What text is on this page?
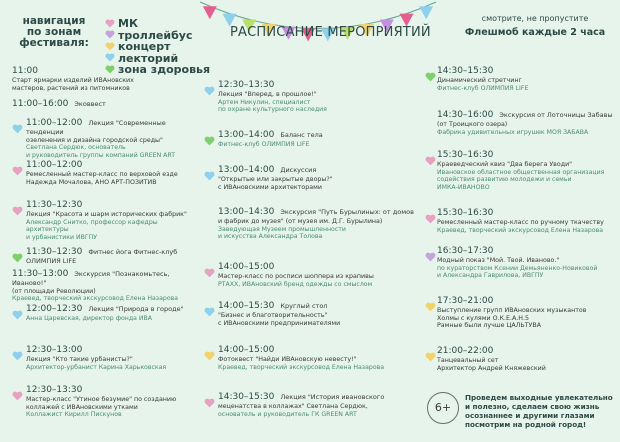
навигация
по зонам
фестиваля:
МК
троллейбус
концерт
лекторий
зона здоровья
РАСПИСАНИЕ МЕРОПРИЯТИЙ
смотрите, не пропустите
Флешмоб каждые 2 часа
11:00
Старт ярмарки изделий ИВАновских
мастеров, растений из питомников
11:00–16:00 Эковвест
11:00–12:00 Лекция "Современные тенденции
озеленения и дизайна городской среды"
Светлана Сердюк, основатель
и руководитель группы компаний GREEN ART
11:00–12:00
Ремесленный мастер-класс по верховой езде
Надежда Мочалова, АНО АРТ-ПОЗИТИВ
11:30–12:30
Лекция "Красота и шарм исторических фабрик"
Александр Снитко, профессор кафедры архитектуры
и урбанистики ИВГПУ
11:30–12:30 Фитнес йога Фитнес-клуб ОЛИМПИЯ LIFE
11:30–13:00 Экскурсия "Познакомьтесь, Иваново!"
(от площади Революции)
Краевед, творческий экскурсовод Елена Назарова
12:00–12:30 Лекция "Природа в городе"
Анна Царевская, директор фонда ИВА
12:30–13:00
Лекция "Кто такие урбанисты?"
Архитектор-урбанист Карина Харьковская
12:30–13:30
Мастер-класс "Утиное безумие" по созданию
коллажей с ИВАновскими утками
Коллажист Кирилл Пискунов
12:30–13:30
Лекция "Вперед, в прошлое!"
Артем Никулин, специалист
по охране культурного наследия
13:00–14:00 Баланс тела
Фитнес-клуб ОЛИМПИЯ LIFE
13:00–14:00 Дискуссия
"Открытые или закрытые дворы?"
с ИВАновскими архитекторами
13:00–14:30 Экскурсия "Путь Бурылиных: от домов
и фабрик до музея" (от музея им. Д.Г. Бурылина)
Заведующая Музеем промышленности
и искусства Александра Толова
14:00–15:00
Мастер-класс по росписи шоппера из крапивы
РТАХХ, ИВАновский бренд одежды со смыслом
14:00–15:30 Круглый стол
"Бизнес и благотворительность"
с ИВАновскими предпринимателями
14:00–15:00
Фотоквест "Найди ИВАновскую невесту!"
Краевед, творческий экскурсовод Елена Назарова
14:30–15:30 Лекция "История ивановского
меценатства в коллажах" Светлана Сердюк,
основатель и руководитель ГК GREEN ART
14:30–15:30
Динамический стретчинг
Фитнес-клуб ОЛИМПИЯ LIFE
14:30–16:00 Экскурсия от Лоточницы Забавы
(от Троицкого озера)
Фабрика удивительных игрушек МОЯ ЗАБАВА
15:30–16:30
Краеведческий квиз "Два берега Уводи"
Ивановское областное общественная организация
содействия развитию молодежи и семьи
ИМКА-ИВАНОВО
15:30–16:30
Ремесленный мастер-класс по ручному ткачеству
Краевед, творческий экскурсовод Елена Назарова
16:30–17:30
Модный показ "Мой. Твой. Иваново."
по кураторством Ксении Демьяненко-Новиковой
и Александра Гаврилова, ИВГПУ
17:30–21:00
Выступление групп ИВАновских музыкантов
Холмы с кулями О.К.Е.А.Н.5
Рамные были лучше ЦАЛЬТУВА
21:00–22:00
Танцевальный сет
Архитектор Андрей Княжевский
6+
Проведем выходные увлекательно и полезно, сделаем свою жизнь осознаннее и другими глазами посмотрим на родной город!
